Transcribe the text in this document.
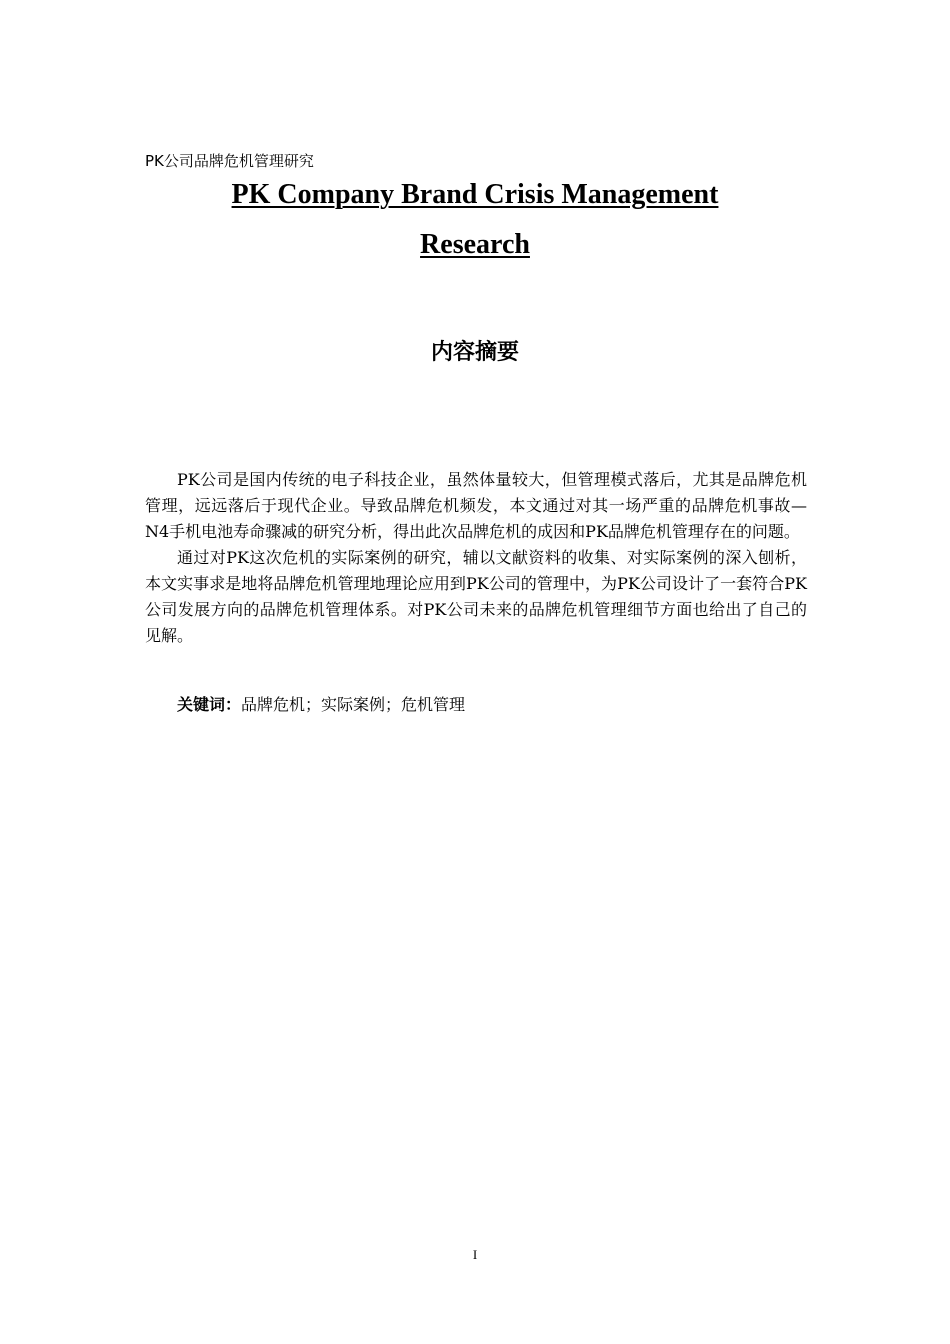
PK公司品牌危机管理研究
PK Company Brand Crisis Management
Research
内容摘要

PK公司是国内传统的电子科技企业，虽然体量较大，但管理模式落后，尤其是品牌危机管理，远远落后于现代企业。导致品牌危机频发，本文通过对其一场严重的品牌危机事故—N4手机电池寿命骤减的研究分析，得出此次品牌危机的成因和PK品牌危机管理存在的问题。

通过对PK这次危机的实际案例的研究，辅以文献资料的收集、对实际案例的深入刨析，本文实事求是地将品牌危机管理地理论应用到PK公司的管理中，为PK公司设计了一套符合PK公司发展方向的品牌危机管理体系。对PK公司未来的品牌危机管理细节方面也给出了自己的见解。

关键词：品牌危机；实际案例；危机管理
I
